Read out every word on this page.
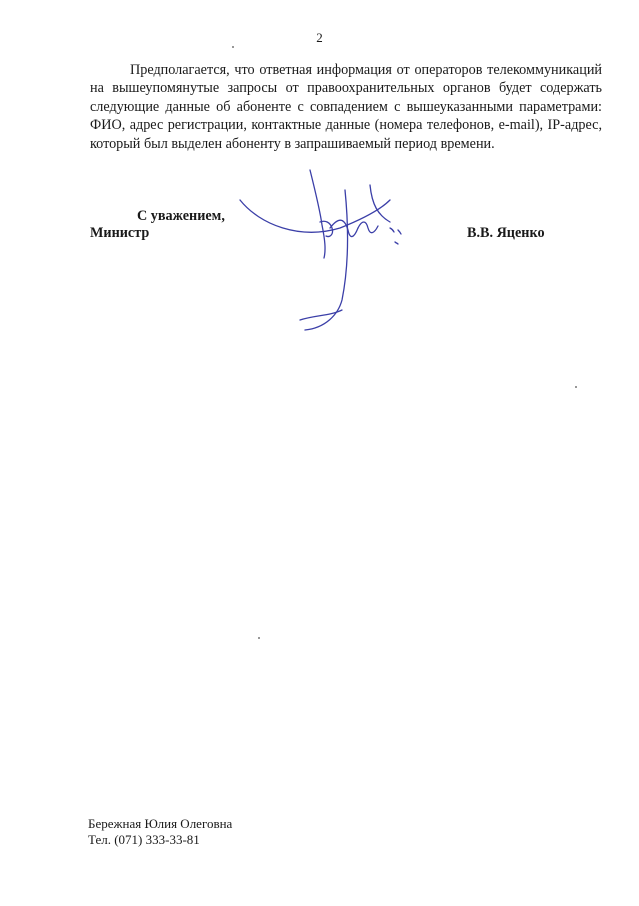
2

Предполагается, что ответная информация от операторов телекоммуникаций на вышеупомянутые запросы от правоохранительных органов будет содержать следующие данные об абоненте с совпадением с вышеуказанными параметрами: ФИО, адрес регистрации, контактные данные (номера телефонов, e-mail), IP-адрес, который был выделен абоненту в запрашиваемый период времени.

С уважением,
Министр	В.В. Яценко
Бережная Юлия Олеговна
Тел. (071) 333-33-81
